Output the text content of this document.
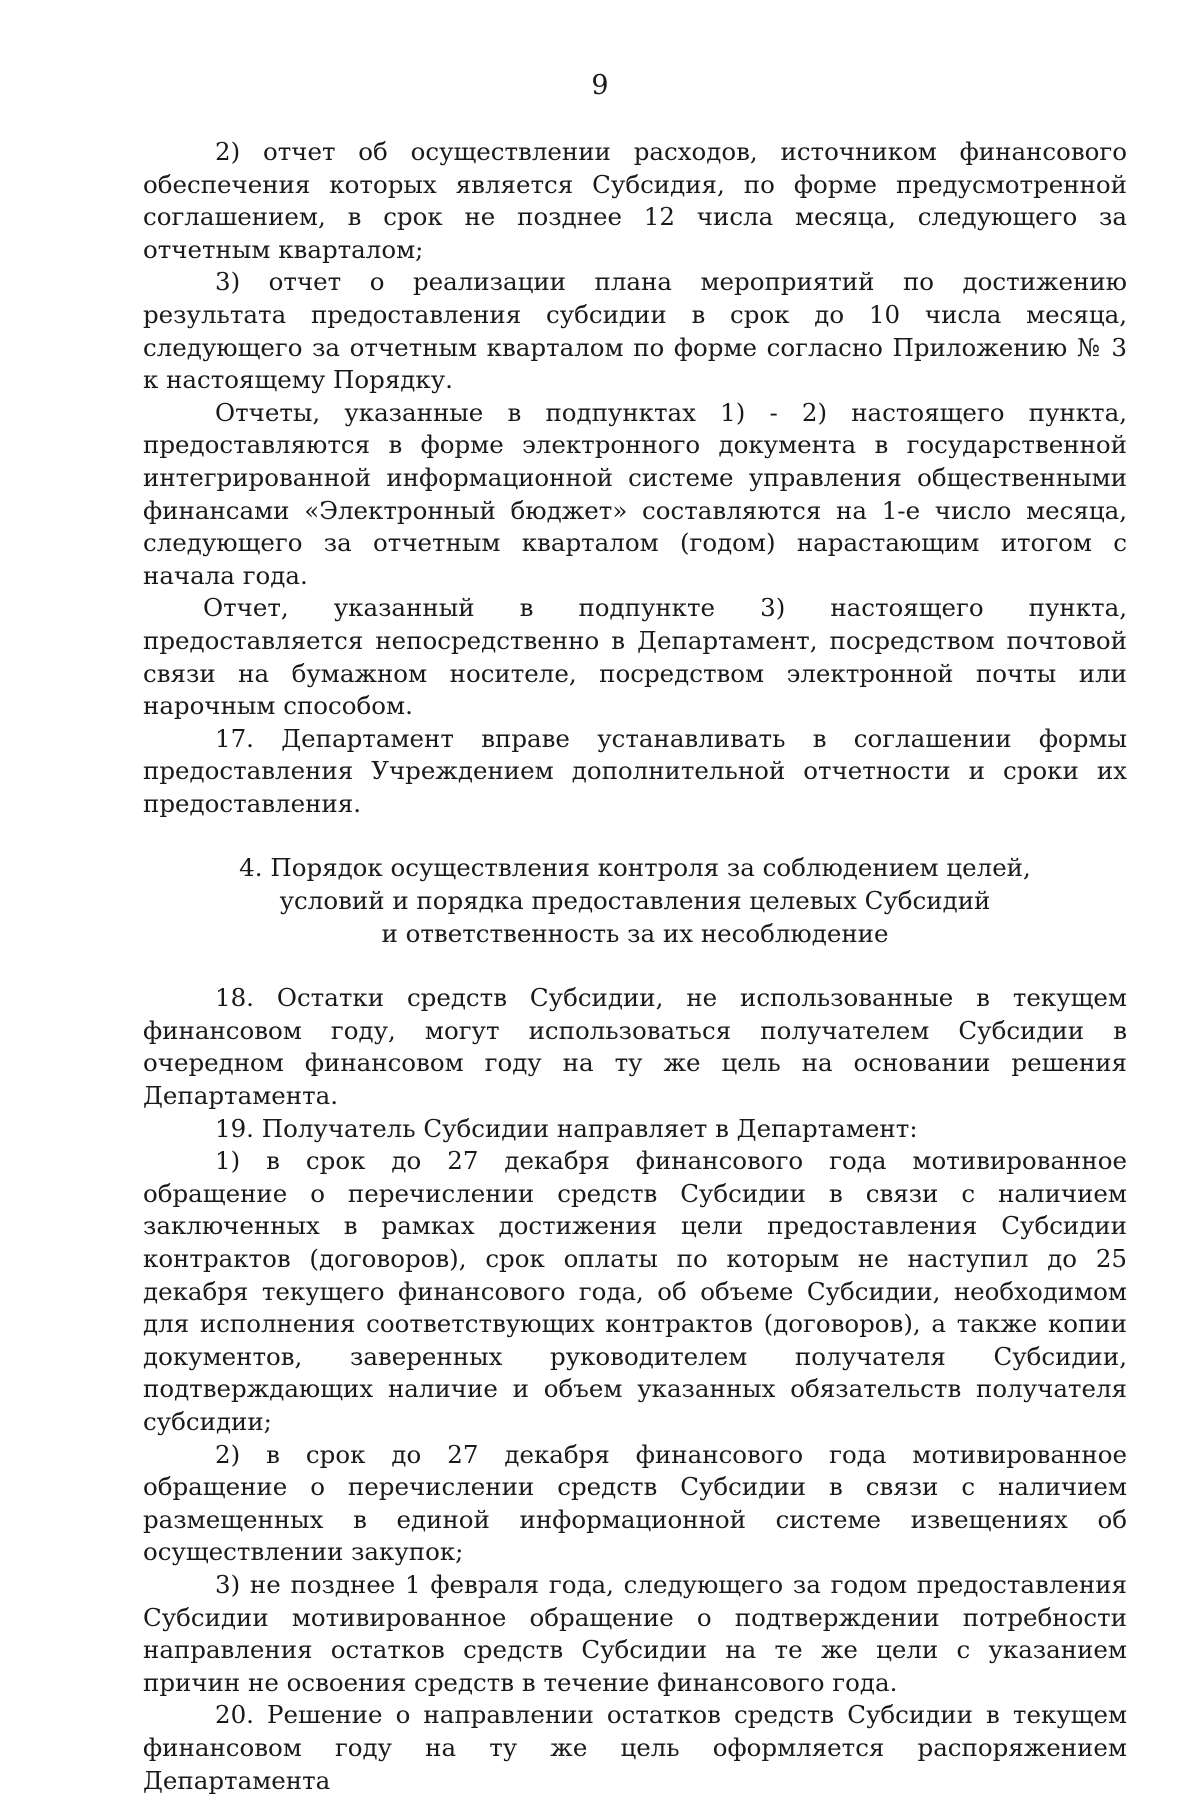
9

2) отчет об осуществлении расходов, источником финансового обеспечения которых является Субсидия, по форме предусмотренной соглашением, в срок не позднее 12 числа месяца, следующего за отчетным кварталом;

3) отчет о реализации плана мероприятий по достижению результата предоставления субсидии в срок до 10 числа месяца, следующего за отчетным кварталом по форме согласно Приложению № 3 к настоящему Порядку.

Отчеты, указанные в подпунктах 1) - 2) настоящего пункта, предоставляются в форме электронного документа в государственной интегрированной информационной системе управления общественными финансами «Электронный бюджет» составляются на 1-е число месяца, следующего за отчетным кварталом (годом) нарастающим итогом с начала года.

Отчет, указанный в подпункте 3) настоящего пункта, предоставляется непосредственно в Департамент, посредством почтовой связи на бумажном носителе, посредством электронной почты или нарочным способом.

17. Департамент вправе устанавливать в соглашении формы предоставления Учреждением дополнительной отчетности и сроки их предоставления.

4. Порядок осуществления контроля за соблюдением целей,
условий и порядка предоставления целевых Субсидий
и ответственность за их несоблюдение

18. Остатки средств Субсидии, не использованные в текущем финансовом году, могут использоваться получателем Субсидии в очередном финансовом году на ту же цель на основании решения Департамента.

19. Получатель Субсидии направляет в Департамент:

1) в срок до 27 декабря финансового года мотивированное обращение о перечислении средств Субсидии в связи с наличием заключенных в рамках достижения цели предоставления Субсидии контрактов (договоров), срок оплаты по которым не наступил до 25 декабря текущего финансового года, об объеме Субсидии, необходимом для исполнения соответствующих контрактов (договоров), а также копии документов, заверенных руководителем получателя Субсидии, подтверждающих наличие и объем указанных обязательств получателя субсидии;

2) в срок до 27 декабря финансового года мотивированное обращение о перечислении средств Субсидии в связи с наличием размещенных в единой информационной системе извещениях об осуществлении закупок;

3) не позднее 1 февраля года, следующего за годом предоставления Субсидии мотивированное обращение о подтверждении потребности направления остатков средств Субсидии на те же цели с указанием причин не освоения средств в течение финансового года.

20. Решение о направлении остатков средств Субсидии в текущем финансовом году на ту же цель оформляется распоряжением Департамента
